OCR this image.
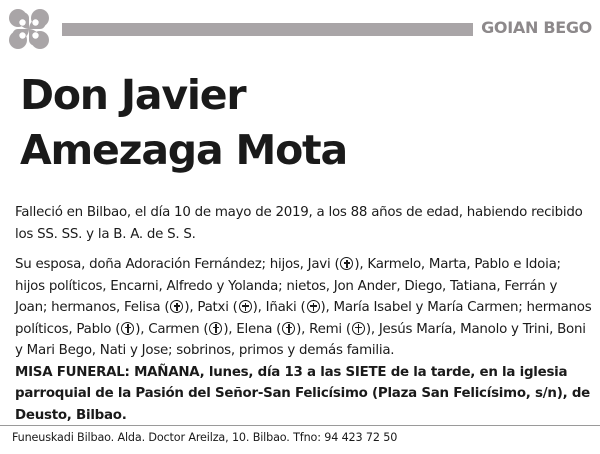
GOIAN BEGO
Don Javier
Amezaga Mota

Falleció en Bilbao, el día 10 de mayo de 2019, a los 88 años de edad, habiendo recibido los SS. SS. y la B. A. de S. S.

Su esposa, doña Adoración Fernández; hijos, Javi ( ), Karmelo, Marta, Pablo e Idoia; hijos políticos, Encarni, Alfredo y Yolanda; nietos, Jon Ander, Diego, Tatiana, Ferrán y Joan; hermanos, Felisa ( ), Patxi ( ), Iñaki ( ), María Isabel y María Carmen; hermanos políticos, Pablo ( ), Carmen ( ), Elena ( ), Remi ( ), Jesús María, Manolo y Trini, Boni y Mari Bego, Nati y Jose; sobrinos, primos y demás familia.

MISA FUNERAL: MAÑANA, lunes, día 13 a las SIETE de la tarde, en la iglesia parroquial de la Pasión del Señor-San Felicísimo (Plaza San Felicísimo, s/n), de Deusto, Bilbao.

Funeuskadi Bilbao. Alda. Doctor Areilza, 10. Bilbao. Tfno: 94 423 72 50
